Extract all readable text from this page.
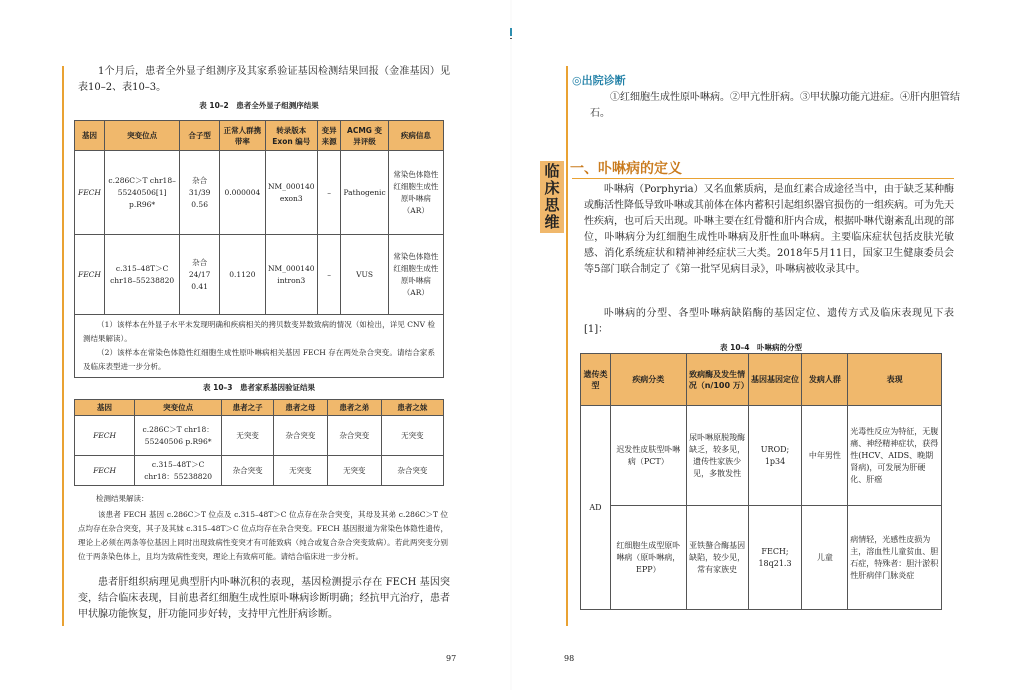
1个月后，患者全外显子组测序及其家系验证基因检测结果回报（金准基因）见表10–2、表10–3。

表 10–2　患者全外显子组测序结果
基因	突变位点	合子型	正常人群携带率	转录版本 Exon 编号	变异来源	ACMG 变异评级	疾病信息
FECH	c.286C＞T chr18–55240506[1] p.R96*	杂合 31/39 0.56	0.000004	NM_000140 exon3	–	Pathogenic	常染色体隐性红细胞生成性原卟啉病（AR）
FECH	c.315–48T＞C chr18–55238820	杂合 24/17 0.41	0.1120	NM_000140 intron3	–	VUS	常染色体隐性红细胞生成性原卟啉病（AR）

（1）该样本在外显子水平未发现明确和疾病相关的拷贝数变异数致病的情况（如检出，详见 CNV 检测结果解读）。
（2）该样本在常染色体隐性红细胞生成性原卟啉病相关基因 FECH 存在两处杂合突变。请结合家系及临床表型进一步分析。							
表 10–3　患者家系基因验证结果
基因	突变位点	患者之子	患者之母	患者之弟	患者之妹
FECH	c.286C＞T chr18：55240506 p.R96*	无突变	杂合突变	杂合突变	无突变
FECH	c.315–48T＞C chr18：55238820	杂合突变	无突变	无突变	杂合突变
检测结果解读：
该患者 FECH 基因 c.286C＞T 位点及 c.315–48T＞C 位点存在杂合突变，其母及其弟 c.286C＞T 位点均存在杂合突变，其子及其妹 c.315–48T＞C 位点均存在杂合突变。FECH 基因报道为常染色体隐性遗传，理论上必须在两条等位基因上同时出现致病性变突才有可能致病（纯合或复合杂合突变致病）。若此两突变分别位于两条染色体上，且均为致病性变突，理论上有致病可能。请结合临床进一步分析。

患者肝组织病理见典型肝内卟啉沉积的表现，基因检测提示存在 FECH 基因突变，结合临床表现，目前患者红细胞生成性原卟啉病诊断明确；经抗甲亢治疗，患者甲状腺功能恢复，肝功能同步好转，支持甲亢性肝病诊断。

97
◎出院诊断

①红细胞生成性原卟啉病。②甲亢性肝病。③甲状腺功能亢进症。④肝内胆管结石。

一、卟啉病的定义

卟啉病（Porphyria）又名血紫质病，是血红素合成途径当中，由于缺乏某种酶或酶活性降低导致卟啉或其前体在体内蓄积引起组织器官损伤的一组疾病。可为先天性疾病，也可后天出现。卟啉主要在红骨髓和肝内合成，根据卟啉代谢紊乱出现的部位，卟啉病分为红细胞生成性卟啉病及肝性血卟啉病。主要临床症状包括皮肤光敏感、消化系统症状和精神神经症状三大类。2018年5月11日，国家卫生健康委员会等5部门联合制定了《第一批罕见病目录》，卟啉病被收录其中。

卟啉病的分型、各型卟啉病缺陷酶的基因定位、遗传方式及临床表现见下表[1]：

表 10–4　卟啉病的分型
遗传类型	疾病分类	致病酶及发生情况（n/100 万）	基因基因定位	发病人群	表现
AD	迟发性皮肤型卟啉病（PCT）	尿卟啉原脱羧酶缺乏，较多见，遗传性家族少见，多散发性	UROD; 1p34	中年男性	光毒性反应为特征，无腹痛、神经精神症状，获得性(HCV、AIDS、晚期肾病)，可发展为肝硬化、肝癌
	红细胞生成型原卟啉病（原卟啉病，EPP）	亚铁螯合酶基因缺陷，较少见，常有家族史	FECH; 18q21.3	儿童	病情轻，光感性皮损为主，溶血性儿童贫血、胆石症，特殊者：胆汁淤积性肝病伴门脉炎症
98
临
床
思
维
